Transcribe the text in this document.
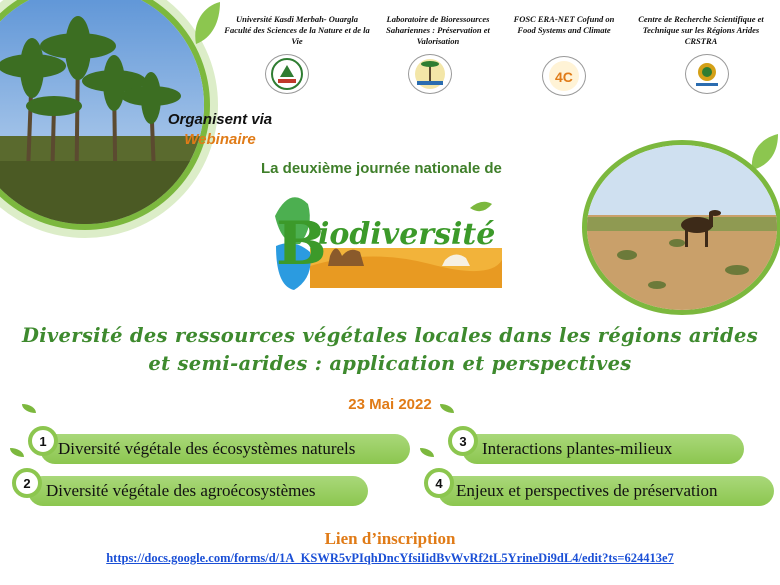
Université Kasdi Merbah- Ouargla Faculté des Sciences de la Nature et de la Vie
Laboratoire de Bioressources Sahariennes : Préservation et Valorisation
FOSC ERA-NET Cofund on Food Systems and Climate
4C
Centre de Recherche Scientifique et Technique sur les Régions Arides CRSTRA
Organisent via
Webinaire
La deuxième journée nationale de
B
iodiversité
Diversité des ressources végétales locales dans les régions arides
et semi-arides : application et perspectives
23 Mai 2022
Diversité végétale des écosystèmes naturels
1
Diversité végétale des agroécosystèmes
2
Interactions plantes-milieux
3
Enjeux et perspectives de préservation
4
Lien d’inscription
https://docs.google.com/forms/d/1A_KSWR5vPIqhDncYfsiIidBvWvRf2tL5YrineDi9dL4/edit?ts=624413e7
